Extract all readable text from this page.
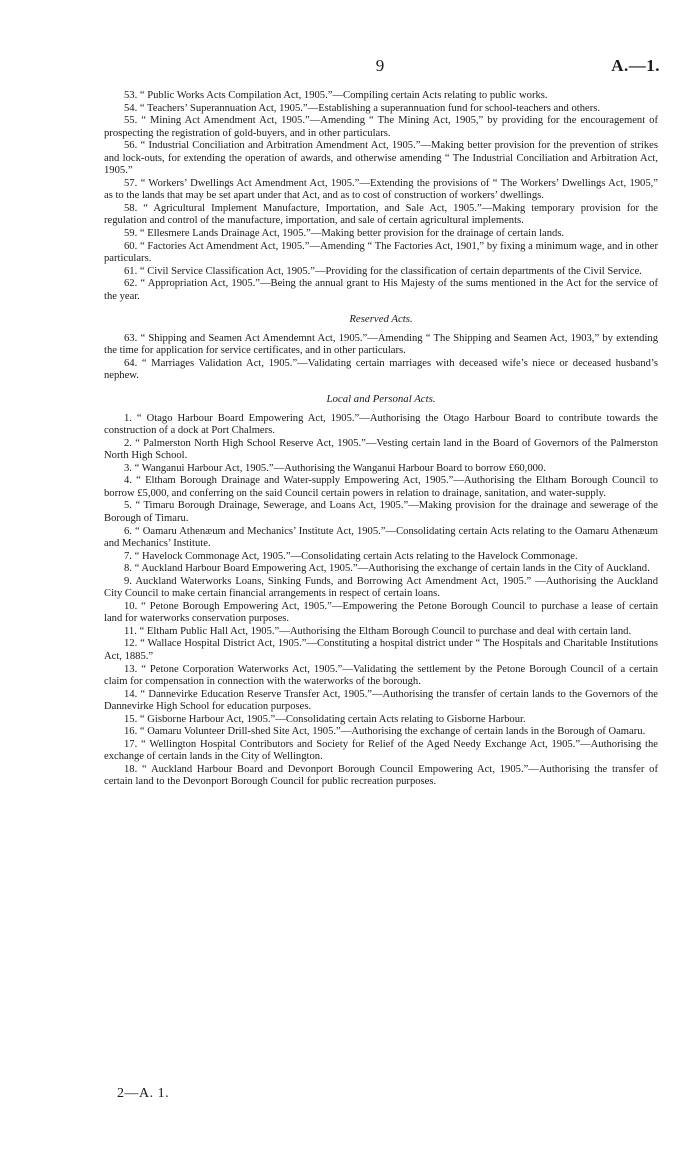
9	A.—1.

53. “ Public Works Acts Compilation Act, 1905.”—Compiling certain Acts relating to public works.

54. “ Teachers’ Superannuation Act, 1905.”—Establishing a superannuation fund for school-teachers and others.

55. “ Mining Act Amendment Act, 1905.”—Amending “ The Mining Act, 1905,” by providing for the encouragement of prospecting the registration of gold-buyers, and in other particulars.

56. “ Industrial Conciliation and Arbitration Amendment Act, 1905.”—Making better provision for the prevention of strikes and lock-outs, for extending the operation of awards, and otherwise amending “ The Industrial Conciliation and Arbitration Act, 1905.”

57. “ Workers’ Dwellings Act Amendment Act, 1905.”—Extending the provisions of “ The Workers’ Dwellings Act, 1905,” as to the lands that may be set apart under that Act, and as to cost of construction of workers’ dwellings.

58. “ Agricultural Implement Manufacture, Importation, and Sale Act, 1905.”—Making temporary provision for the regulation and control of the manufacture, importation, and sale of certain agricultural implements.

59. “ Ellesmere Lands Drainage Act, 1905.”—Making better provision for the drainage of certain lands.

60. “ Factories Act Amendment Act, 1905.”—Amending “ The Factories Act, 1901,” by fixing a minimum wage, and in other particulars.

61. “ Civil Service Classification Act, 1905.”—Providing for the classification of certain departments of the Civil Service.

62. “ Appropriation Act, 1905.”—Being the annual grant to His Majesty of the sums mentioned in the Act for the service of the year.

Reserved Acts.

63. “ Shipping and Seamen Act Amendemnt Act, 1905.”—Amending “ The Shipping and Seamen Act, 1903,” by extending the time for application for service certificates, and in other particulars.

64. “ Marriages Validation Act, 1905.”—Validating certain marriages with deceased wife’s niece or deceased husband’s nephew.

Local and Personal Acts.

1. “ Otago Harbour Board Empowering Act, 1905.”—Authorising the Otago Harbour Board to contribute towards the construction of a dock at Port Chalmers.

2. “ Palmerston North High School Reserve Act, 1905.”—Vesting certain land in the Board of Governors of the Palmerston North High School.

3. “ Wanganui Harbour Act, 1905.”—Authorising the Wanganui Harbour Board to borrow £60,000.

4. “ Eltham Borough Drainage and Water-supply Empowering Act, 1905.”—Authorising the Eltham Borough Council to borrow £5,000, and conferring on the said Council certain powers in relation to drainage, sanitation, and water-supply.

5. “ Timaru Borough Drainage, Sewerage, and Loans Act, 1905.”—Making provision for the drainage and sewerage of the Borough of Timaru.

6. “ Oamaru Athenæum and Mechanics’ Institute Act, 1905.”—Consolidating certain Acts relating to the Oamaru Athenæum and Mechanics’ Institute.

7. “ Havelock Commonage Act, 1905.”—Consolidating certain Acts relating to the Havelock Commonage.

8. “ Auckland Harbour Board Empowering Act, 1905.”—Authorising the exchange of certain lands in the City of Auckland.

9. Auckland Waterworks Loans, Sinking Funds, and Borrowing Act Amendment Act, 1905.” —Authorising the Auckland City Council to make certain financial arrangements in respect of certain loans.

10. “ Petone Borough Empowering Act, 1905.”—Empowering the Petone Borough Council to purchase a lease of certain land for waterworks conservation purposes.

11. “ Eltham Public Hall Act, 1905.”—Authorising the Eltham Borough Council to purchase and deal with certain land.

12. “ Wallace Hospital District Act, 1905.”—Constituting a hospital district under “ The Hospitals and Charitable Institutions Act, 1885.”

13. “ Petone Corporation Waterworks Act, 1905.”—Validating the settlement by the Petone Borough Council of a certain claim for compensation in connection with the waterworks of the borough.

14. “ Dannevirke Education Reserve Transfer Act, 1905.”—Authorising the transfer of certain lands to the Governors of the Dannevirke High School for education purposes.

15. “ Gisborne Harbour Act, 1905.”—Consolidating certain Acts relating to Gisborne Harbour.

16. “ Oamaru Volunteer Drill-shed Site Act, 1905.”—Authorising the exchange of certain lands in the Borough of Oamaru.

17. “ Wellington Hospital Contributors and Society for Relief of the Aged Needy Exchange Act, 1905.”—Authorising the exchange of certain lands in the City of Wellington.

18. “ Auckland Harbour Board and Devonport Borough Council Empowering Act, 1905.”—Authorising the transfer of certain land to the Devonport Borough Council for public recreation purposes.

2—A. 1.
